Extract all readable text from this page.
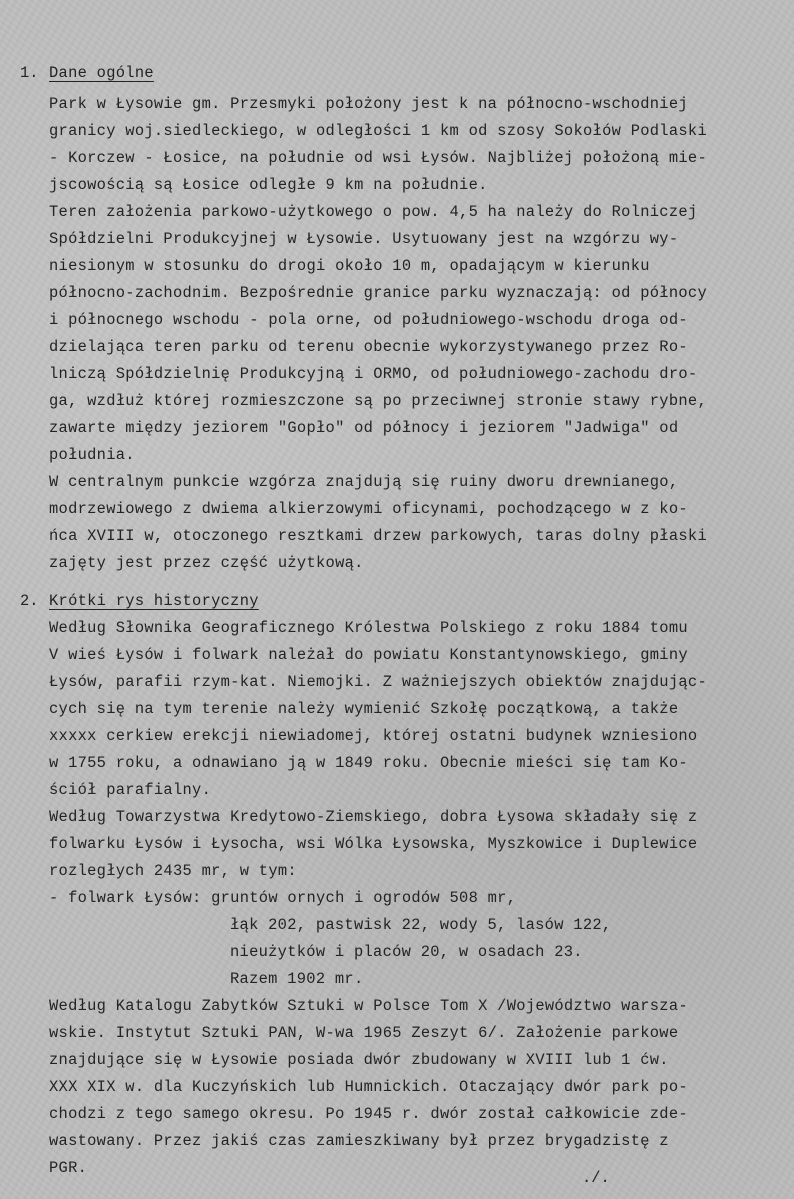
1. Dane ogólne
Park w Łysowie gm. Przesmyki położony jest k na północno-wschodniej
granicy woj.siedleckiego, w odległości 1 km od szosy Sokołów Podlaski
- Korczew - Łosice, na południe od wsi Łysów. Najbliżej położoną mie-
jscowością są Łosice odległe 9 km na południe.
Teren założenia parkowo-użytkowego o pow. 4,5 ha należy do Rolniczej
Spółdzielni Produkcyjnej w Łysowie. Usytuowany jest na wzgórzu wy-
niesionym w stosunku do drogi około 10 m, opadającym w kierunku
północno-zachodnim. Bezpośrednie granice parku wyznaczają: od północy
i północnego wschodu - pola orne, od południowego-wschodu droga od-
dzielająca teren parku od terenu obecnie wykorzystywanego przez Ro-
lniczą Spółdzielnię Produkcyjną i ORMO, od południowego-zachodu dro-
ga, wzdłuż której rozmieszczone są po przeciwnej stronie stawy rybne,
zawarte między jeziorem "Gopło" od północy i jeziorem "Jadwiga" od
południa.
W centralnym punkcie wzgórza znajdują się ruiny dworu drewnianego,
modrzewiowego z dwiema alkierzowymi oficynami, pochodzącego w z ko-
ńca XVIII w, otoczonego resztkami drzew parkowych, taras dolny płaski
zajęty jest przez część użytkową.
2. Krótki rys historyczny
Według Słownika Geograficznego Królestwa Polskiego z roku 1884 tomu
V wieś Łysów i folwark należał do powiatu Konstantynowskiego, gminy
Łysów, parafii rzym-kat. Niemojki. Z ważniejszych obiektów znajdując-
cych się na tym terenie należy wymienić Szkołę początkową, a także
xxxxx cerkiew erekcji niewiadomej, której ostatni budynek wzniesiono
w 1755 roku, a odnawiano ją w 1849 roku. Obecnie mieści się tam Ko-
ściół parafialny.
Według Towarzystwa Kredytowo-Ziemskiego, dobra Łysowa składały się z
folwarku Łysów i Łysocha, wsi Wólka Łysowska, Myszkowice i Duplewice
rozległych 2435 mr, w tym:
- folwark Łysów: gruntów ornych i ogrodów 508 mr,
łąk 202, pastwisk 22, wody 5, lasów 122,
nieużytków i placów 20, w osadach 23.
Razem 1902 mr.
Według Katalogu Zabytków Sztuki w Polsce Tom X /Województwo warsza-
wskie. Instytut Sztuki PAN, W-wa 1965 Zeszyt 6/. Założenie parkowe
znajdujące się w Łysowie posiada dwór zbudowany w XVIII lub 1 ćw.
XXX XIX w. dla Kuczyńskich lub Humnickich. Otaczający dwór park po-
chodzi z tego samego okresu. Po 1945 r. dwór został całkowicie zde-
wastowany. Przez jakiś czas zamieszkiwany był przez brygadzistę z
PGR.
./.
